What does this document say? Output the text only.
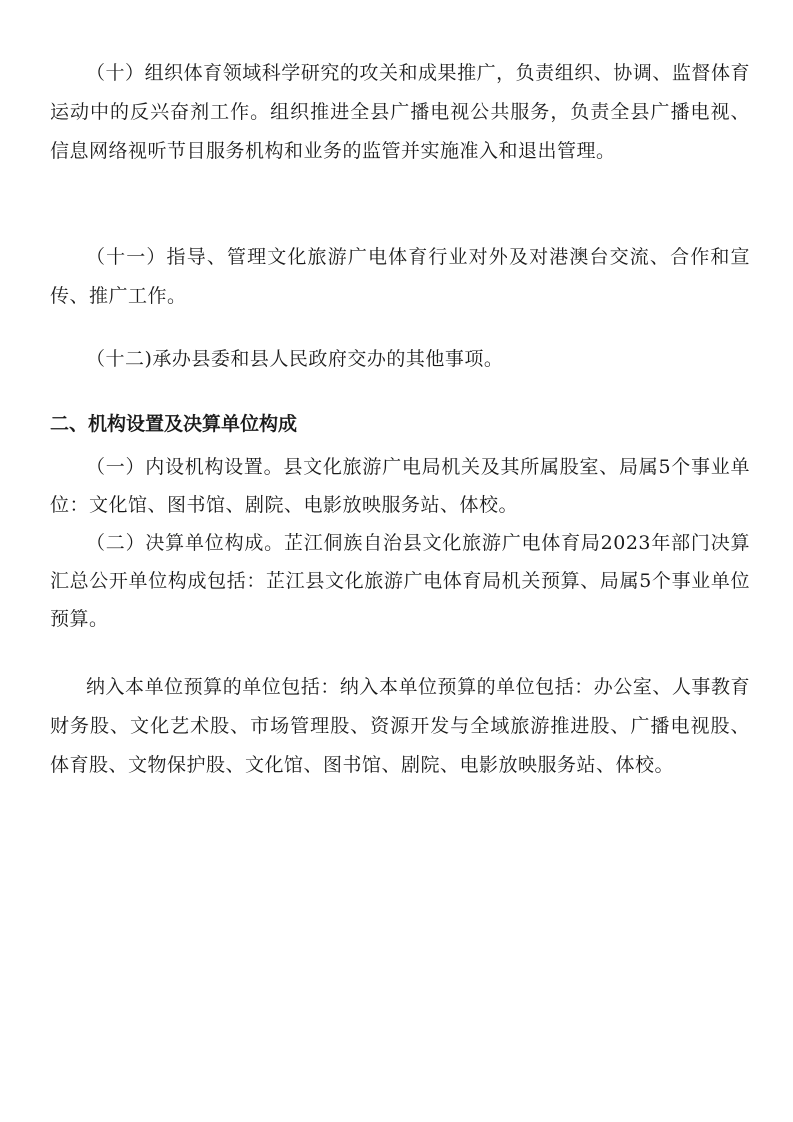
（十）组织体育领域科学研究的攻关和成果推广，负责组织、协调、监督体育运动中的反兴奋剂工作。组织推进全县广播电视公共服务，负责全县广播电视、信息网络视听节目服务机构和业务的监管并实施准入和退出管理。

（十一）指导、管理文化旅游广电体育行业对外及对港澳台交流、合作和宣传、推广工作。

（十二)承办县委和县人民政府交办的其他事项。

二、机构设置及决算单位构成

（一）内设机构设置。县文化旅游广电局机关及其所属股室、局属5个事业单位：文化馆、图书馆、剧院、电影放映服务站、体校。

（二）决算单位构成。芷江侗族自治县文化旅游广电体育局2023年部门决算汇总公开单位构成包括：芷江县文化旅游广电体育局机关预算、局属5个事业单位预算。

纳入本单位预算的单位包括：纳入本单位预算的单位包括：办公室、人事教育财务股、文化艺术股、市场管理股、资源开发与全域旅游推进股、广播电视股、体育股、文物保护股、文化馆、图书馆、剧院、电影放映服务站、体校。
